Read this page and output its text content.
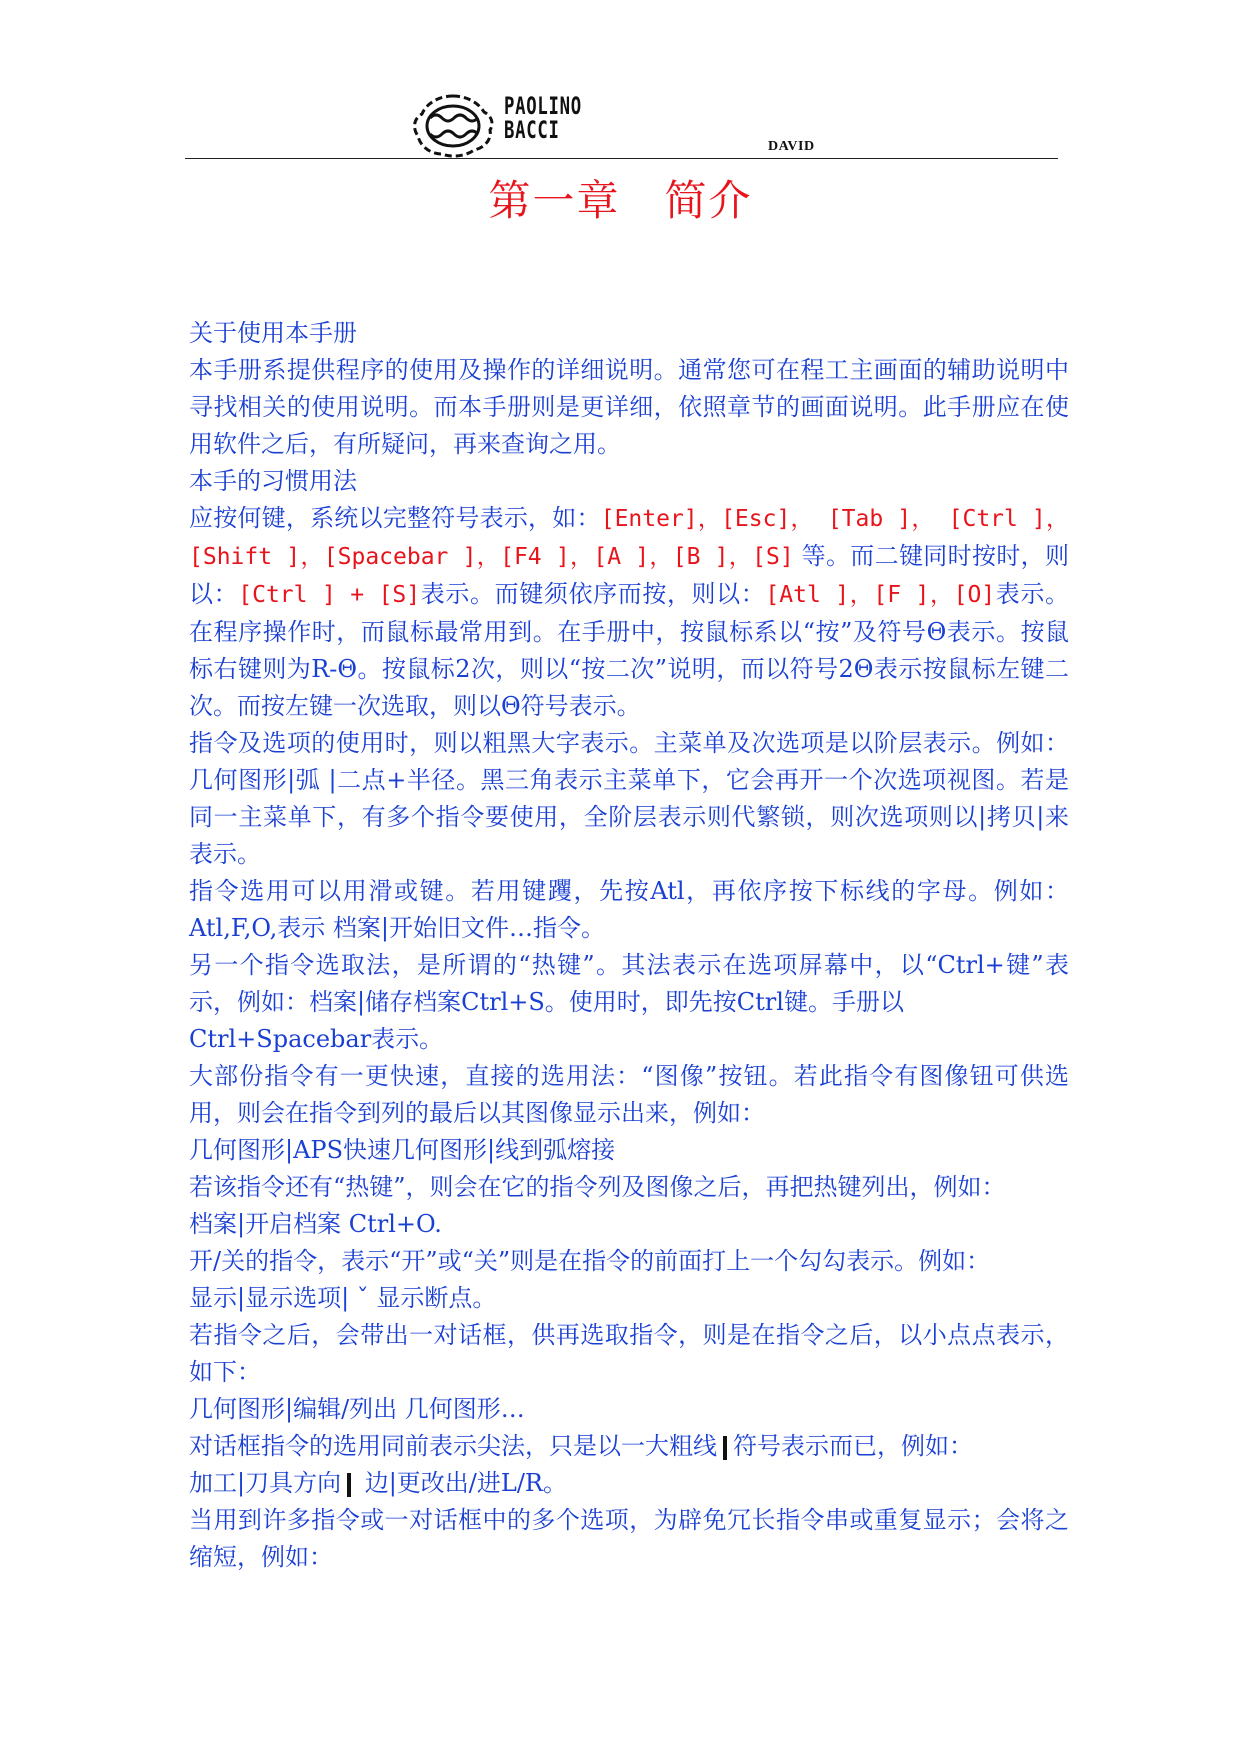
PAOLINO
BACCI
DAVID
第一章　简介

关于使用本手册

本手册系提供程序的使用及操作的详细说明。通常您可在程工主画面的辅助说明中寻找相关的使用说明。而本手册则是更详细，依照章节的画面说明。此手册应在使用软件之后，有所疑问，再来查询之用。

本手的习惯用法

应按何键，系统以完整符号表示，如：[Enter]，[Esc]， [Tab ]， [Ctrl ]，[Shift ]，[Spacebar ]，[F4 ]，[A ]，[B ]，[S] 等。而二键同时按时，则以：[Ctrl ] + [S]表示。而键须依序而按，则以：[Atl ]，[F ]，[O]表示。在程序操作时，而鼠标最常用到。在手册中，按鼠标系以“按”及符号Θ表示。按鼠标右键则为R-Θ。按鼠标2次，则以“按二次”说明，而以符号2Θ表示按鼠标左键二次。而按左键一次选取，则以Θ符号表示。

指令及选项的使用时，则以粗黑大字表示。主菜单及次选项是以阶层表示。例如：几何图形|弧 |二点+半径。黑三角表示主菜单下，它会再开一个次选项视图。若是同一主菜单下，有多个指令要使用，全阶层表示则代繁锁，则次选项则以|拷贝|来表示。

指令选用可以用滑或键。若用键躩，先按Atl，再依序按下标线的字母。例如：Atl,F,O,表示 档案|开始旧文件…指令。

另一个指令选取法，是所谓的“热键”。其法表示在选项屏幕中，以“Ctrl+键”表示，例如：档案|储存档案Ctrl+S。使用时，即先按Ctrl键。手册以

Ctrl+Spacebar表示。

大部份指令有一更快速，直接的选用法：“图像”按钮。若此指令有图像钮可供选用，则会在指令到列的最后以其图像显示出来，例如：

几何图形|APS快速几何图形|线到弧熔接

若该指令还有“热键”，则会在它的指令列及图像之后，再把热键列出，例如：

档案|开启档案 Ctrl+O.

开/关的指令，表示“开”或“关”则是在指令的前面打上一个勾勾表示。例如：

显示|显示选项| ˇ 显示断点。

若指令之后，会带出一对话框，供再选取指令，则是在指令之后，以小点点表示，如下：

几何图形|编辑/列出 几何图形…

对话框指令的选用同前表示尖法，只是以一大粗线 符号表示而已，例如：

加工|刀具方向 边|更改出/进L/R。

当用到许多指令或一对话框中的多个选项，为辟免冗长指令串或重复显示；会将之缩短，例如：
